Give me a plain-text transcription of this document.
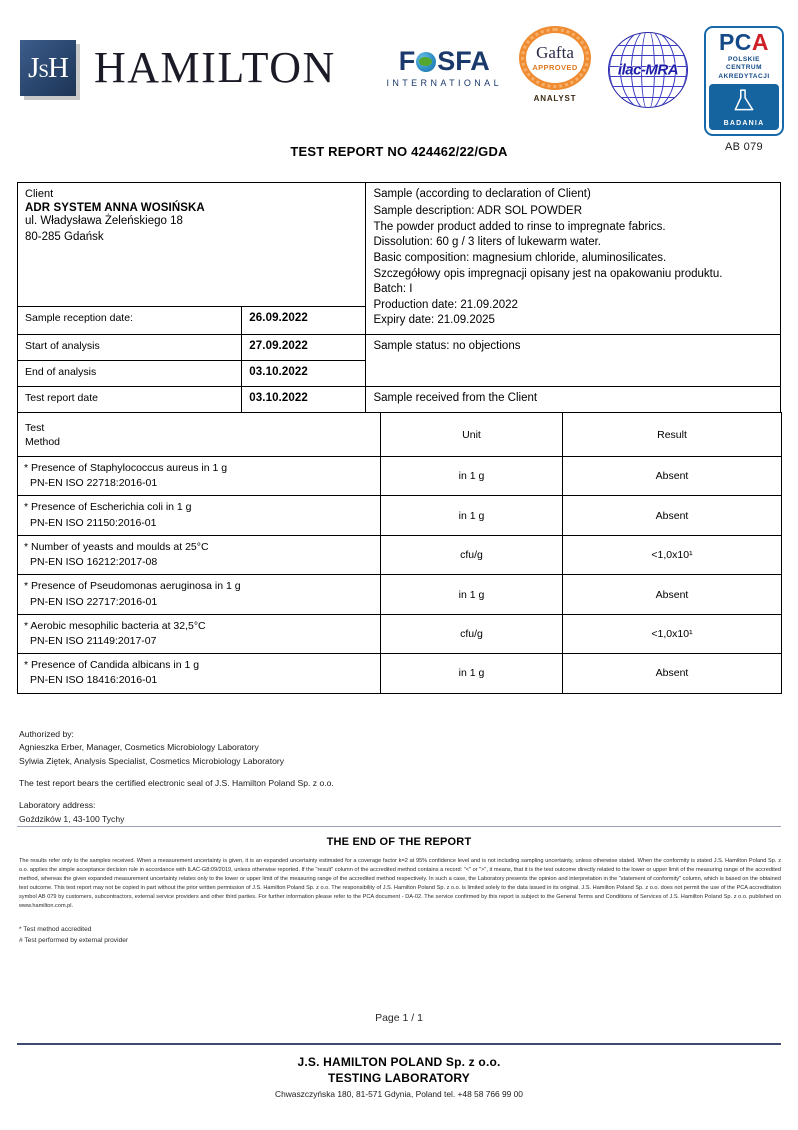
JSH HAMILTON F SFA
INTERNATIONAL
Gafta
APPROVED
ANALYST
ilac-MRA
PCA
POLSKIE CENTRUM
AKREDYTACJI
BADANIA
AB 079
TEST REPORT NO 424462/22/GDA
Client
ADR SYSTEM ANNA WOSIŃSKA
ul. Władysława Żeleńskiego 18
80-285 Gdańsk

Sample (according to declaration of Client)
Sample description: ADR SOL POWDER
The powder product added to rinse to impregnate fabrics.
Dissolution: 60 g / 3 liters of lukewarm water.
Basic composition: magnesium chloride, aluminosilicates.
Szczegółowy opis impregnacji opisany jest na opakowaniu produktu.
Batch: I
Production date: 21.09.2022
Expiry date: 21.09.2025

Sample reception date:	26.09.2022	
Start of analysis	27.09.2022	Sample status: no objections

End of analysis	03.10.2022	
Test report date	03.10.2022	Sample received from the Client
Test
Method	Unit	Result
* Presence of Staphylococcus aureus in 1 g
PN-EN ISO 22718:2016-01	in 1 g	Absent
* Presence of Escherichia coli in 1 g
PN-EN ISO 21150:2016-01	in 1 g	Absent
* Number of yeasts and moulds at 25°C
PN-EN ISO 16212:2017-08	cfu/g	<1,0x10¹
* Presence of Pseudomonas aeruginosa in 1 g
PN-EN ISO 22717:2016-01	in 1 g	Absent
* Aerobic mesophilic bacteria at 32,5°C
PN-EN ISO 21149:2017-07	cfu/g	<1,0x10¹
* Presence of Candida albicans in 1 g
PN-EN ISO 18416:2016-01	in 1 g	Absent
Authorized by:
Agnieszka Erber, Manager, Cosmetics Microbiology Laboratory
Sylwia Ziętek, Analysis Specialist, Cosmetics Microbiology Laboratory
The test report bears the certified electronic seal of J.S. Hamilton Poland Sp. z o.o.
Laboratory address:
Goździków 1, 43-100 Tychy
THE END OF THE REPORT
The results refer only to the samples received. When a measurement uncertainty is given, it is an expanded uncertainty estimated for a coverage factor k=2 at 95% confidence level and is not including sampling uncertainty, unless otherwise stated. When the conformity is stated J.S. Hamilton Poland Sp. z o.o. applies the simple acceptance decision rule in accordance with ILAC-G8:09/2019, unless otherwise reported. If the "result" column of the accredited method contains a record: "<" or ">", it means, that it is the test outcome directly related to the lower or upper limit of the measuring range of the accredited method, whereas the given expanded measurement uncertainty relates only to the lower or upper limit of the measuring range of the accredited method respectively. In such a case, the Laboratory presents the opinion and interpretation in the "statement of conformity" column, which is based on the obtained test outcome. This test report may not be copied in part without the prior written permission of J.S. Hamilton Poland Sp. z o.o. The responsibility of J.S. Hamilton Poland Sp. z o.o. is limited solely to the data issued in its original. J.S. Hamilton Poland Sp. z o.o. does not permit the use of the PCA accreditation symbol AB 079 by customers, subcontractors, external service providers and other third parties. For further information please refer to the PCA document - DA-02. The service confirmed by this report is subject to the General Terms and Conditions of Services of J.S. Hamilton Poland Sp. z o.o. published on www.hamilton.com.pl.
* Test method accredited
# Test performed by external provider
Page 1 / 1
J.S. HAMILTON POLAND Sp. z o.o.
TESTING LABORATORY
Chwaszczyńska 180, 81-571 Gdynia, Poland tel. +48 58 766 99 00
